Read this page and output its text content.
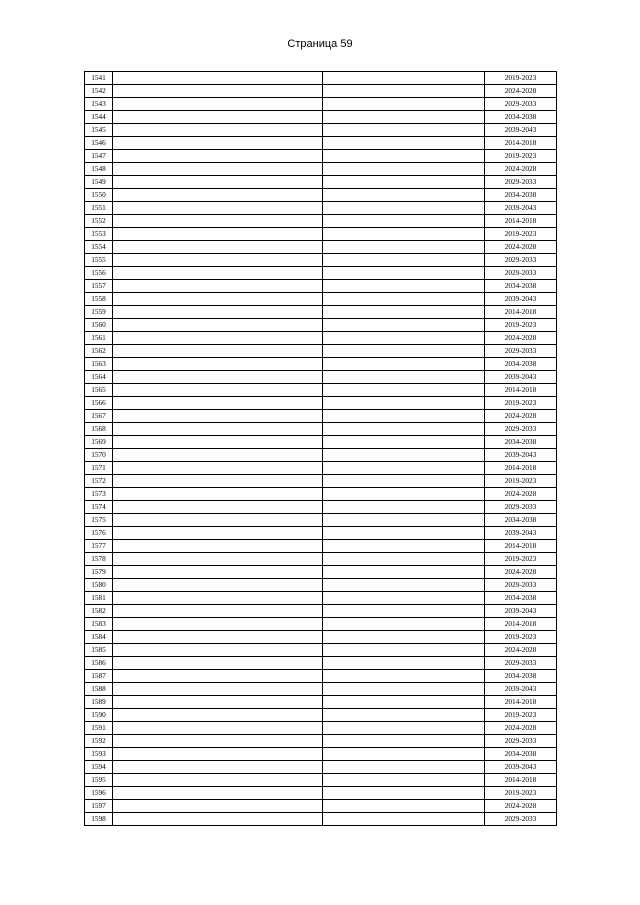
Страница 59
1541			2019-2023
1542			2024-2028
1543			2029-2033
1544			2034-2038
1545			2039-2043
1546			2014-2018
1547			2019-2023
1548			2024-2028
1549			2029-2033
1550			2034-2038
1551			2039-2043
1552			2014-2018
1553			2019-2023
1554			2024-2028
1555			2029-2033
1556			2029-2033
1557			2034-2038
1558			2039-2043
1559			2014-2018
1560			2019-2023
1561			2024-2028
1562			2029-2033
1563			2034-2038
1564			2039-2043
1565			2014-2018
1566			2019-2023
1567			2024-2028
1568			2029-2033
1569			2034-2038
1570			2039-2043
1571			2014-2018
1572			2019-2023
1573			2024-2028
1574			2029-2033
1575			2034-2038
1576			2039-2043
1577			2014-2018
1578			2019-2023
1579			2024-2028
1580			2029-2033
1581			2034-2038
1582			2039-2043
1583			2014-2018
1584			2019-2023
1585			2024-2028
1586			2029-2033
1587			2034-2038
1588			2039-2043
1589			2014-2018
1590			2019-2023
1591			2024-2028
1592			2029-2033
1593			2034-2038
1594			2039-2043
1595			2014-2018
1596			2019-2023
1597			2024-2028
1598			2029-2033
